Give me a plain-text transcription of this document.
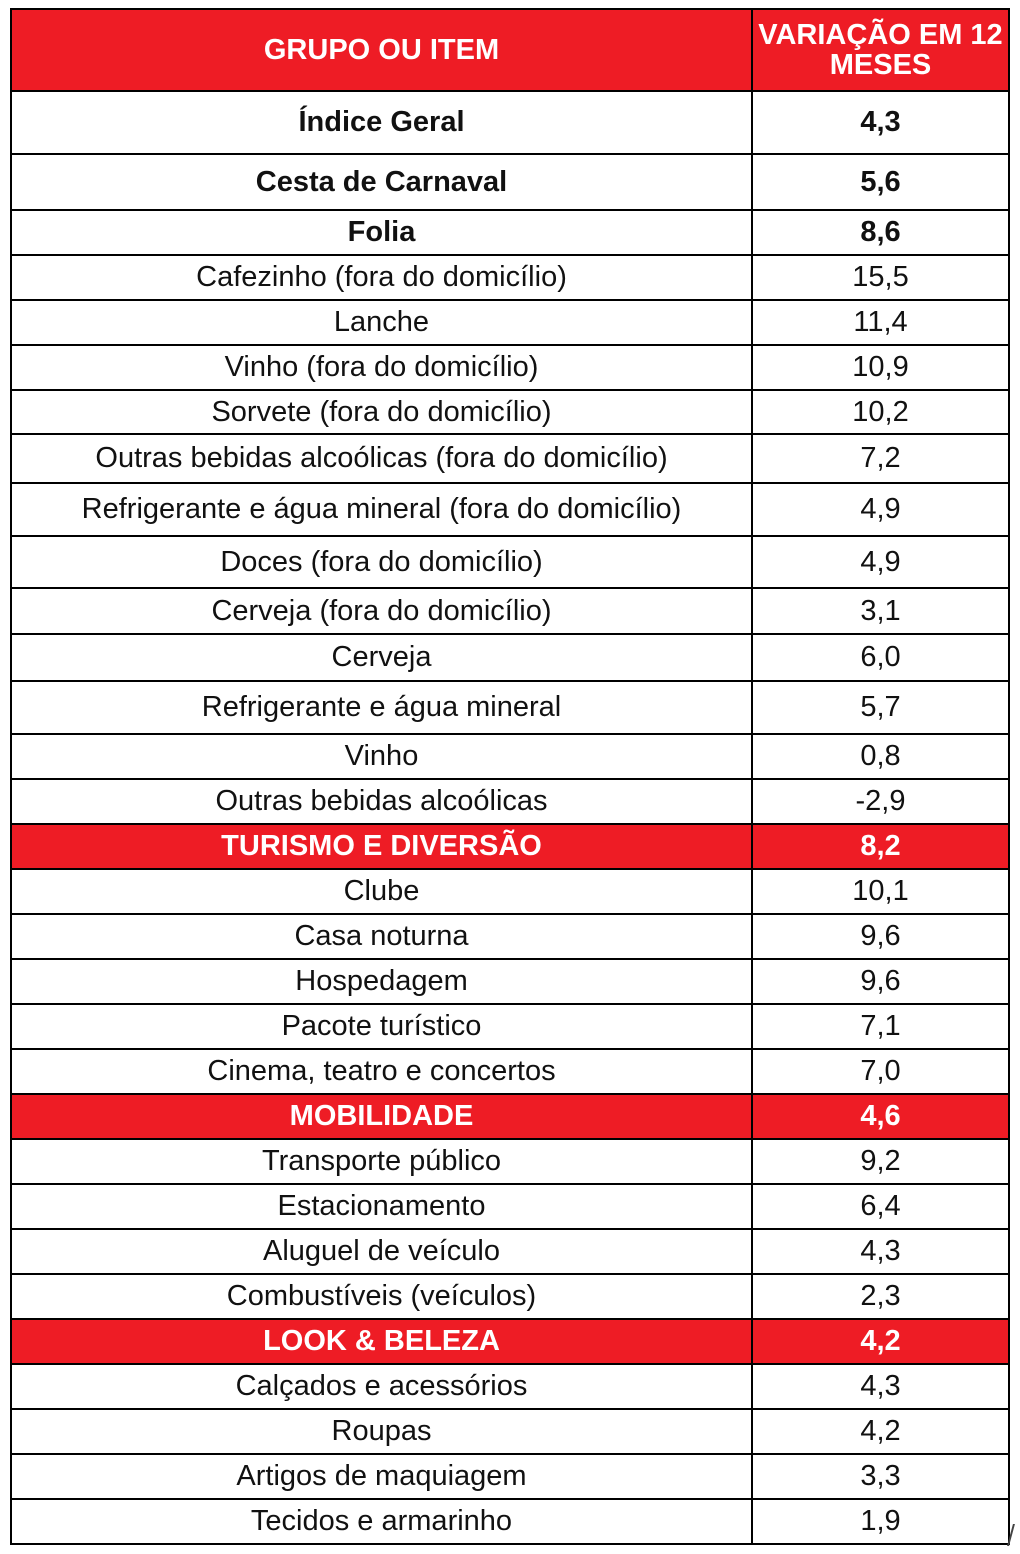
GRUPO OU ITEM	VARIAÇÃO EM 12 MESES
Índice Geral	4,3
Cesta de Carnaval	5,6
Folia	8,6
Cafezinho (fora do domicílio)	15,5
Lanche	11,4
Vinho (fora do domicílio)	10,9
Sorvete (fora do domicílio)	10,2
Outras bebidas alcoólicas (fora do domicílio)	7,2
Refrigerante e água mineral (fora do domicílio)	4,9
Doces (fora do domicílio)	4,9
Cerveja (fora do domicílio)	3,1
Cerveja	6,0
Refrigerante e água mineral	5,7
Vinho	0,8
Outras bebidas alcoólicas	-2,9
TURISMO E DIVERSÃO	8,2
Clube	10,1
Casa noturna	9,6
Hospedagem	9,6
Pacote turístico	7,1
Cinema, teatro e concertos	7,0
MOBILIDADE	4,6
Transporte público	9,2
Estacionamento	6,4
Aluguel de veículo	4,3
Combustíveis (veículos)	2,3
LOOK & BELEZA	4,2
Calçados e acessórios	4,3
Roupas	4,2
Artigos de maquiagem	3,3
Tecidos e armarinho	1,9
